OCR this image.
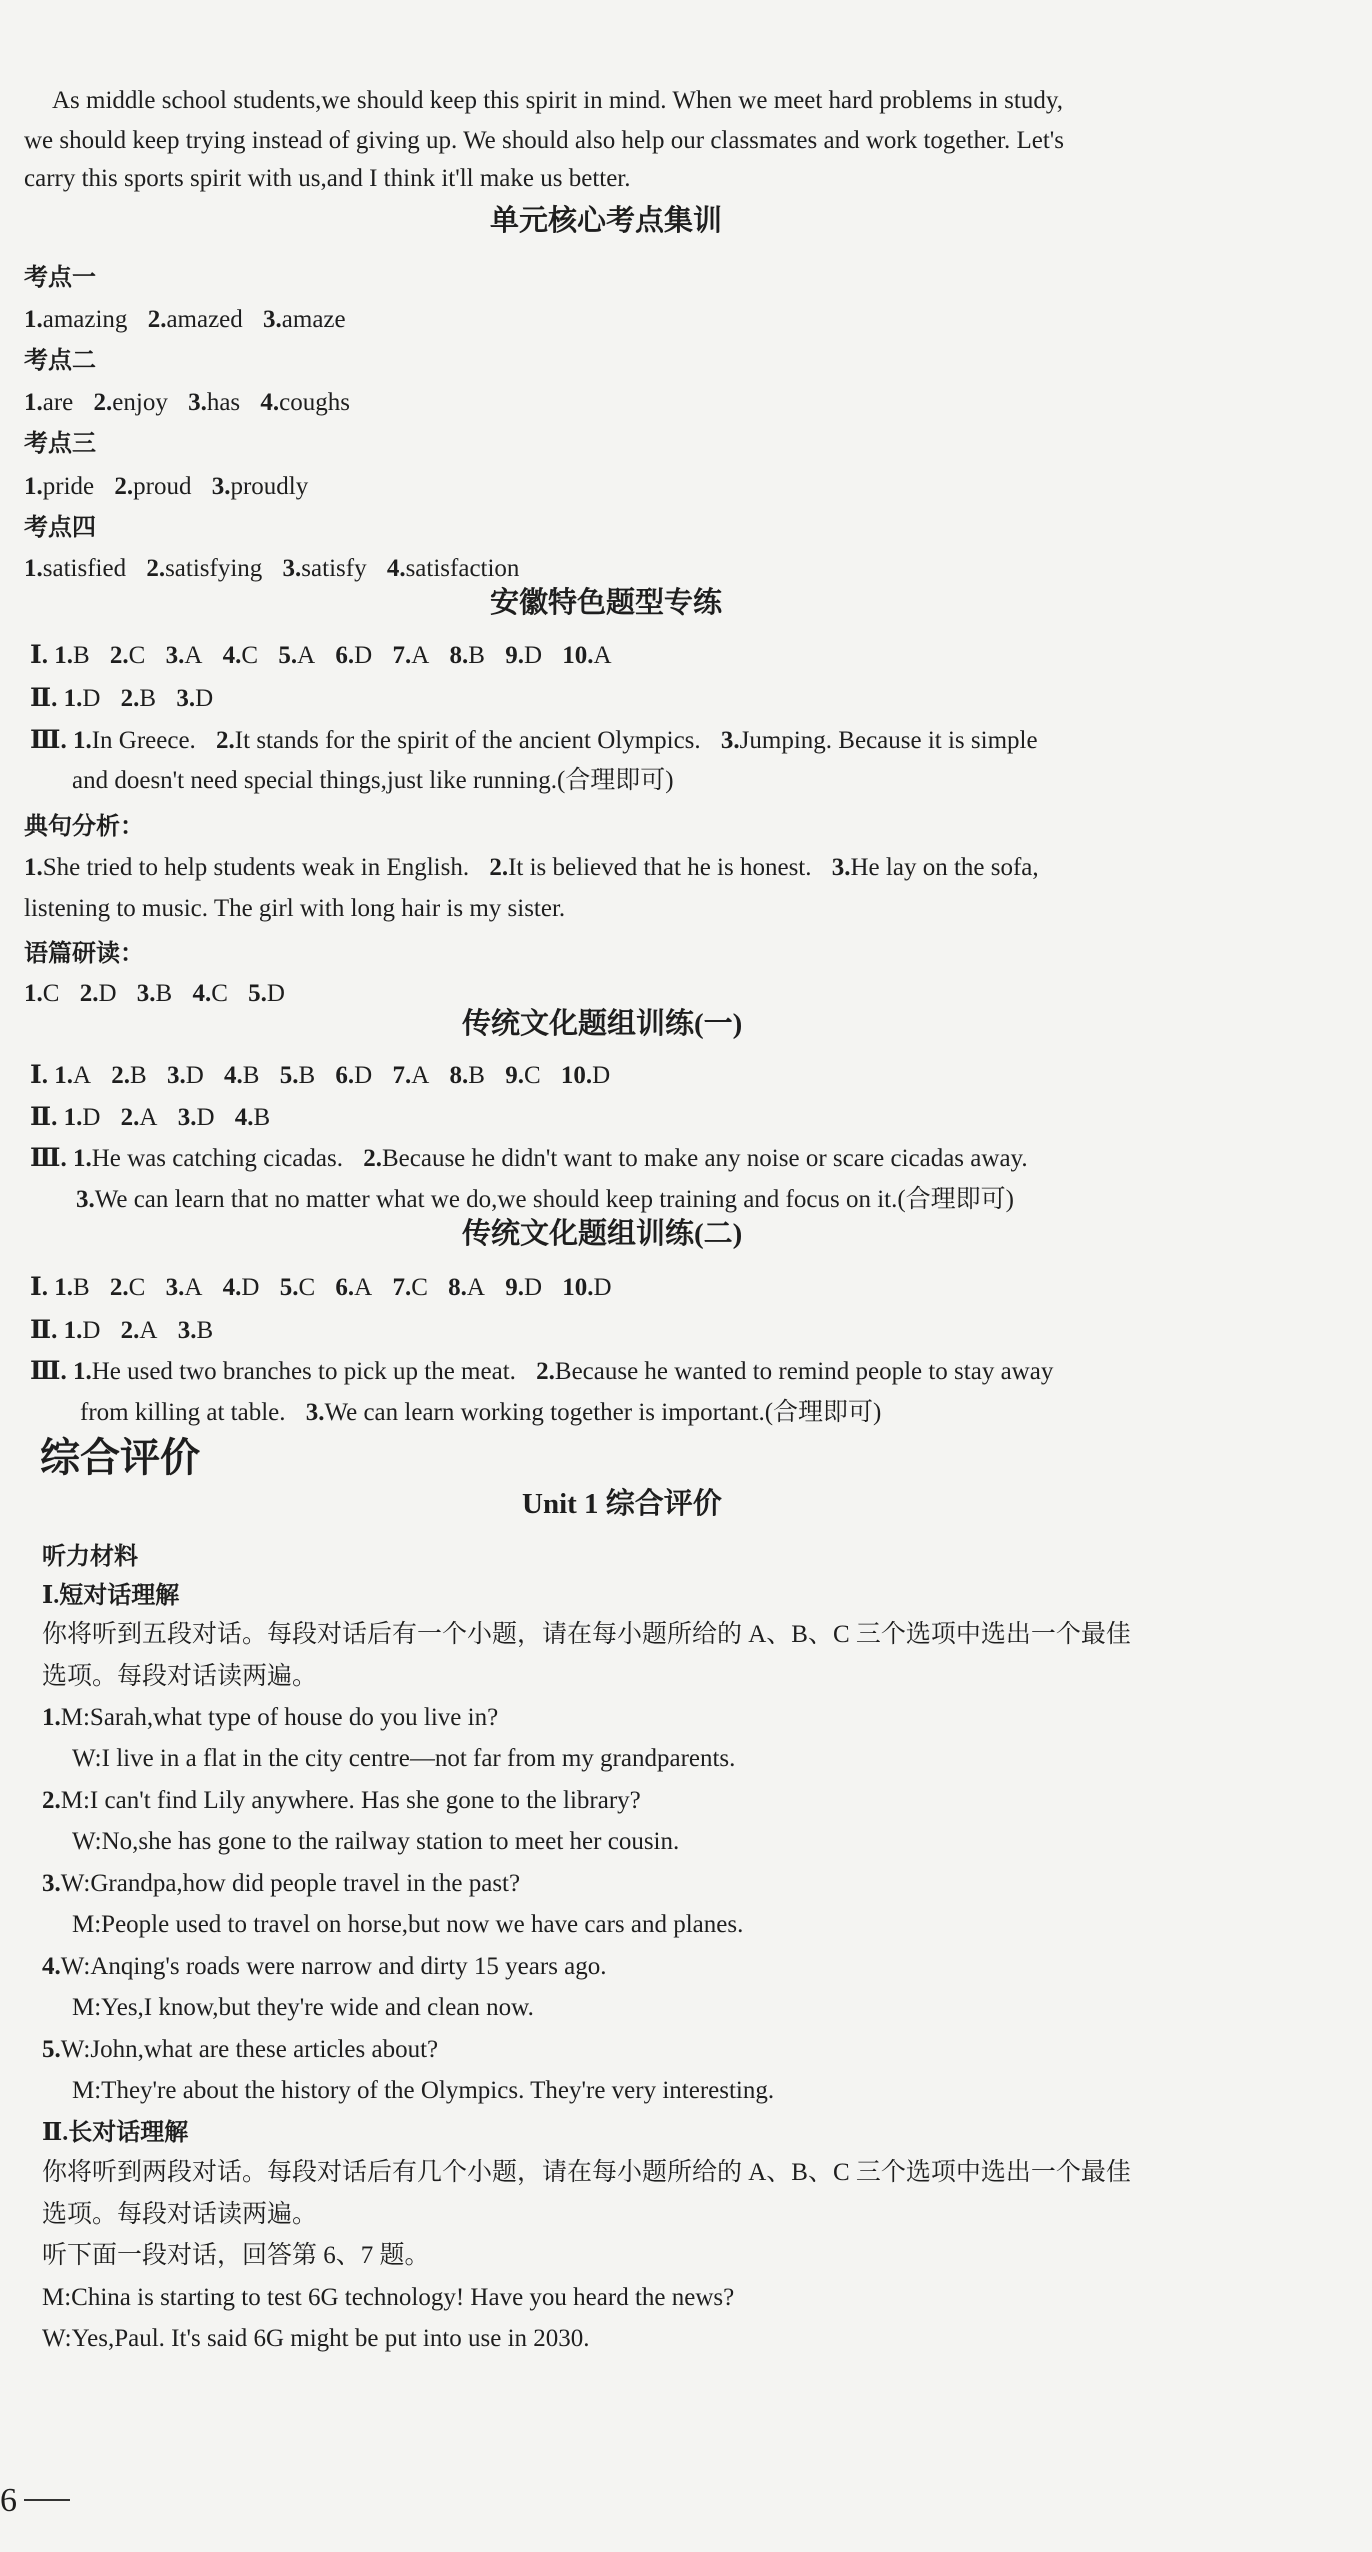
As middle school students,we should keep this spirit in mind. When we meet hard problems in study,
we should keep trying instead of giving up. We should also help our classmates and work together. Let's
carry this sports spirit with us,and I think it'll make us better.
单元核心考点集训
考点一
1.amazing 2.amazed 3.amaze
考点二
1.are 2.enjoy 3.has 4.coughs
考点三
1.pride 2.proud 3.proudly
考点四
1.satisfied 2.satisfying 3.satisfy 4.satisfaction
安徽特色题型专练
Ⅰ. 1.B 2.C 3.A 4.C 5.A 6.D 7.A 8.B 9.D 10.A
Ⅱ. 1.D 2.B 3.D
Ⅲ. 1.In Greece. 2.It stands for the spirit of the ancient Olympics. 3.Jumping. Because it is simple
and doesn't need special things,just like running.(合理即可)
典句分析：
1.She tried to help students weak in English. 2.It is believed that he is honest. 3.He lay on the sofa,
listening to music. The girl with long hair is my sister.
语篇研读：
1.C 2.D 3.B 4.C 5.D
传统文化题组训练(一)
Ⅰ. 1.A 2.B 3.D 4.B 5.B 6.D 7.A 8.B 9.C 10.D
Ⅱ. 1.D 2.A 3.D 4.B
Ⅲ. 1.He was catching cicadas. 2.Because he didn't want to make any noise or scare cicadas away.
3.We can learn that no matter what we do,we should keep training and focus on it.(合理即可)
传统文化题组训练(二)
Ⅰ. 1.B 2.C 3.A 4.D 5.C 6.A 7.C 8.A 9.D 10.D
Ⅱ. 1.D 2.A 3.B
Ⅲ. 1.He used two branches to pick up the meat. 2.Because he wanted to remind people to stay away
from killing at table. 3.We can learn working together is important.(合理即可)
综合评价
Unit 1 综合评价
听力材料
Ⅰ.短对话理解
你将听到五段对话。每段对话后有一个小题，请在每小题所给的 A、B、C 三个选项中选出一个最佳
选项。每段对话读两遍。
1.M:Sarah,what type of house do you live in?
W:I live in a flat in the city centre—not far from my grandparents.
2.M:I can't find Lily anywhere. Has she gone to the library?
W:No,she has gone to the railway station to meet her cousin.
3.W:Grandpa,how did people travel in the past?
M:People used to travel on horse,but now we have cars and planes.
4.W:Anqing's roads were narrow and dirty 15 years ago.
M:Yes,I know,but they're wide and clean now.
5.W:John,what are these articles about?
M:They're about the history of the Olympics. They're very interesting.
Ⅱ.长对话理解
你将听到两段对话。每段对话后有几个小题，请在每小题所给的 A、B、C 三个选项中选出一个最佳
选项。每段对话读两遍。
听下面一段对话，回答第 6、7 题。
M:China is starting to test 6G technology! Have you heard the news?
W:Yes,Paul. It's said 6G might be put into use in 2030.
6
